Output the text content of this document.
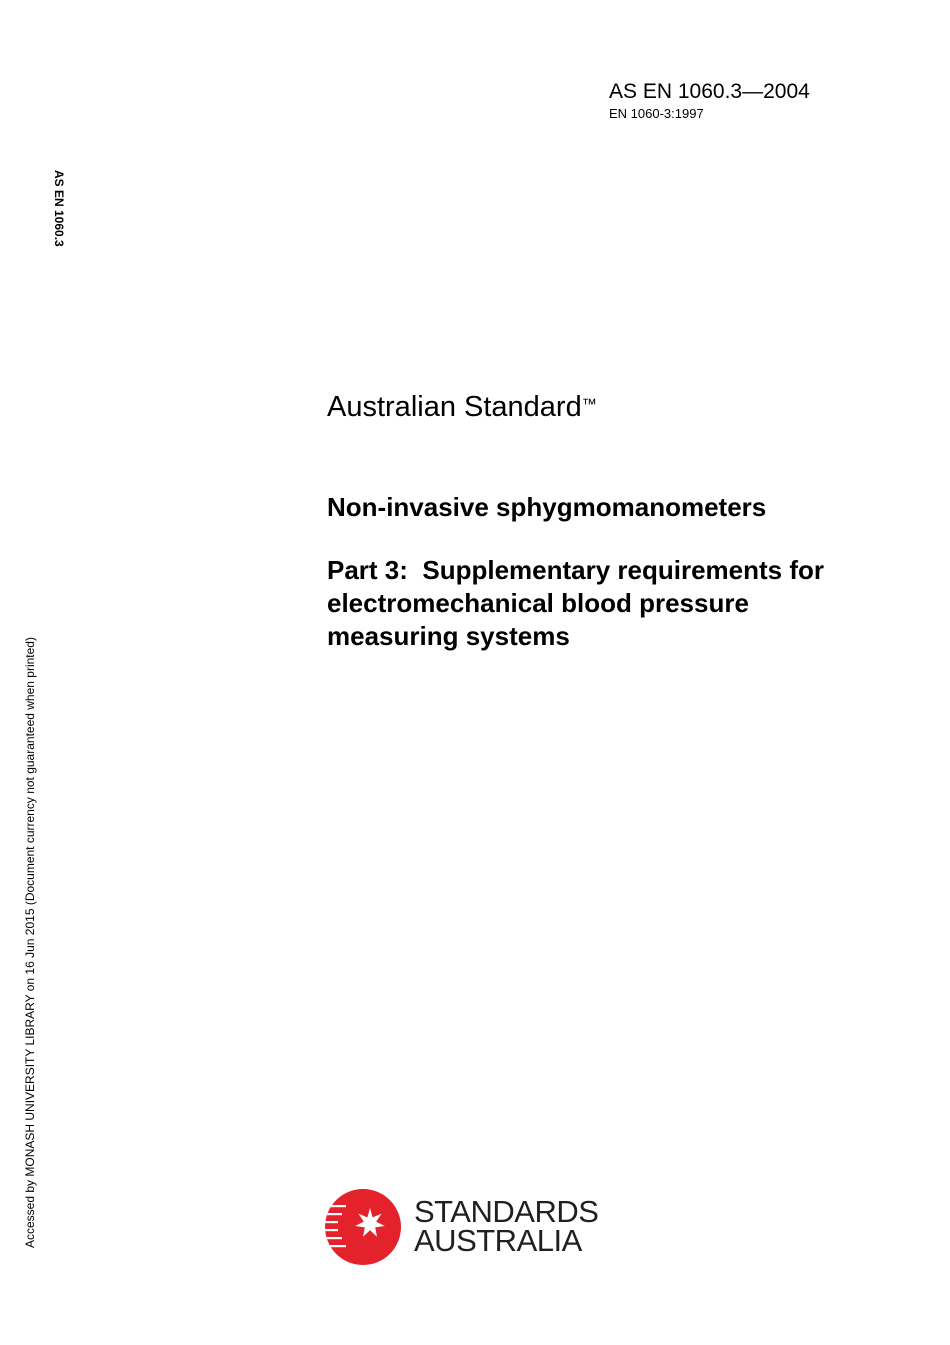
AS EN 1060.3—2004
EN 1060-3:1997
AS EN 1060.3
Accessed by MONASH UNIVERSITY LIBRARY on 16 Jun 2015 (Document currency not guaranteed when printed)
Australian Standard™
Non-invasive sphygmomanometers
Part 3:  Supplementary requirements for
electromechanical blood pressure
measuring systems
STANDARDS
AUSTRALIA
